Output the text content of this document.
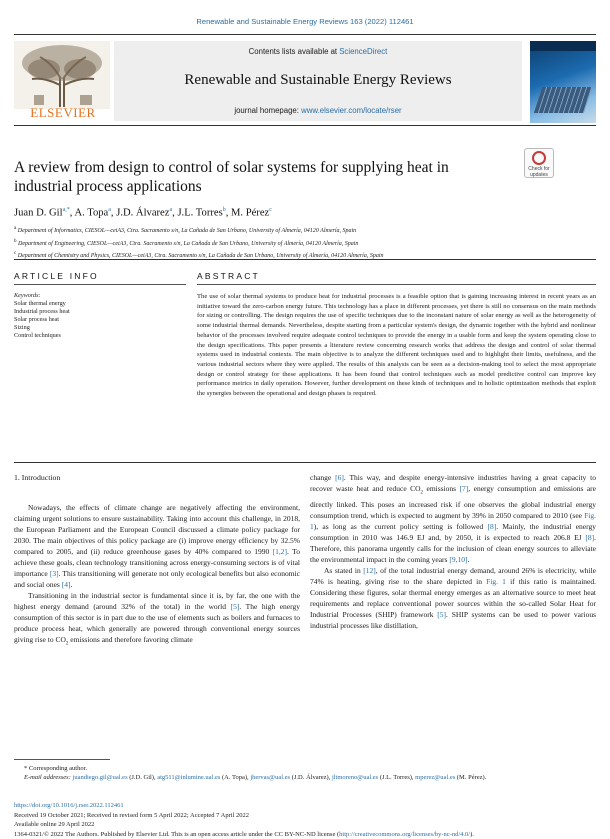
Renewable and Sustainable Energy Reviews 163 (2022) 112461
ELSEVIER
Contents lists available at ScienceDirect
Renewable and Sustainable Energy Reviews
journal homepage: www.elsevier.com/locate/rser
A review from design to control of solar systems for supplying heat in industrial process applications
Check for updates
Juan D. Gil$^{a,*}$, A. Topa$^a$, J.D. Álvarez$^a$, J.L. Torres$^b$, M. Pérez$^c$
$^a$ Department of Informatics, CIESOL—ceiA3, Ctra. Sacramento s/n, La Cañada de San Urbano, University of Almería, 04120 Almería, Spain
$^b$ Department of Engineering, CIESOL—ceiA3, Ctra. Sacramento s/n, La Cañada de San Urbano, University of Almería, 04120 Almería, Spain
$^c$ Department of Chemistry and Physics, CIESOL—ceiA3, Ctra. Sacramento s/n, La Cañada de San Urbano, University of Almería, 04120 Almería, Spain
ARTICLE INFO	ABSTRACT
Keywords:
Solar thermal energy
Industrial process heat
Solar process heat
Sizing
Control techniques
The use of solar thermal systems to produce heat for industrial processes is a feasible option that is gaining increasing interest in recent years as an initiative toward the zero-carbon energy future. This technology has a place in different processes, yet there is still no consensus on the main methods for sizing or controlling. The design requires the use of specific techniques due to the inconstant nature of solar energy as well as the heterogeneity of some industrial thermal demands. Nevertheless, despite starting from a particular system's design, the dynamic together with the hybrid and nonlinear behavior of the processes involved require adequate control techniques to provide the energy in a usable form and keep the system operating close to the design specifications. This paper presents a literature review concerning research works that address the design and control of solar thermal systems used in industrial contexts. The main objective is to analyze the different techniques used and to highlight their limits, usefulness, and the various industrial sectors where they were applied. The results of this analysis can be seen as a decision-making tool to select the most appropriate design or control strategy for these applications. It has been found that control techniques such as model predictive control can improve key performance metrics in daily operation. However, further development on these kinds of techniques and in holistic optimization methods that exploit the synergies between the operational and design phases is required.
1. Introduction

Nowadays, the effects of climate change are negatively affecting the environment, claiming urgent solutions to ensure sustainability. Taking into account this challenge, in 2018, the European Parliament and the European Council discussed a climate policy package for 2030. The main objectives of this policy package are (i) improve energy efficiency by 32.5% compared to 2005, and (ii) reduce greenhouse gases by 40% compared to 1990 [1,2]. To achieve these goals, clean technology transitioning across energy-consuming sectors is of vital importance [3]. This transitioning will generate not only ecological benefits but also economic and social ones [4].

Transitioning in the industrial sector is fundamental since it is, by far, the one with the highest energy demand (around 32% of the total) in the world [5]. The high energy consumption of this sector is in part due to the use of elements such as boilers and furnaces to produce process heat, which generally are powered through conventional energy sources giving rise to $CO_2$ emissions and therefore favoring climate

change [6]. This way, and despite energy-intensive industries having a great capacity to recover waste heat and reduce $CO_2$ emissions [7], energy consumption and emissions are directly linked. This poses an increased risk if one observes the global industrial energy consumption trend, which is expected to augment by 39% in 2050 compared to 2010 (see Fig. 1), as long as the current policy setting is followed [8]. Mainly, the industrial energy consumption in 2010 was 146.9 EJ and, by 2050, it is expected to reach 206.8 EJ [8]. Therefore, this panorama urgently calls for the inclusion of clean energy sources to alleviate the environmental impact in the coming years [9,10].

As stated in [12], of the total industrial energy demand, around 26% is electricity, while 74% is heating, giving rise to the share depicted in Fig. 1 if this ratio is maintained. Considering these figures, solar thermal energy emerges as an alternative source to meet heat requirements and replace conventional power sources within the so-called Solar Heat for Industrial Processes (SHIP) framework [5]. SHIP systems can be used to power various industrial processes like distillation,

* Corresponding author.
E-mail addresses: juandiego.gil@ual.es (J.D. Gil), atg511@inlumine.ual.es (A. Topa), jhervas@ual.es (J.D. Álvarez), jltmoreno@ual.es (J.L. Torres), mperez@ual.es (M. Pérez).
https://doi.org/10.1016/j.rser.2022.112461
Received 19 October 2021; Received in revised form 5 April 2022; Accepted 7 April 2022
Available online 29 April 2022
1364-0321/© 2022 The Authors. Published by Elsevier Ltd. This is an open access article under the CC BY-NC-ND license (http://creativecommons.org/licenses/by-nc-nd/4.0/).
